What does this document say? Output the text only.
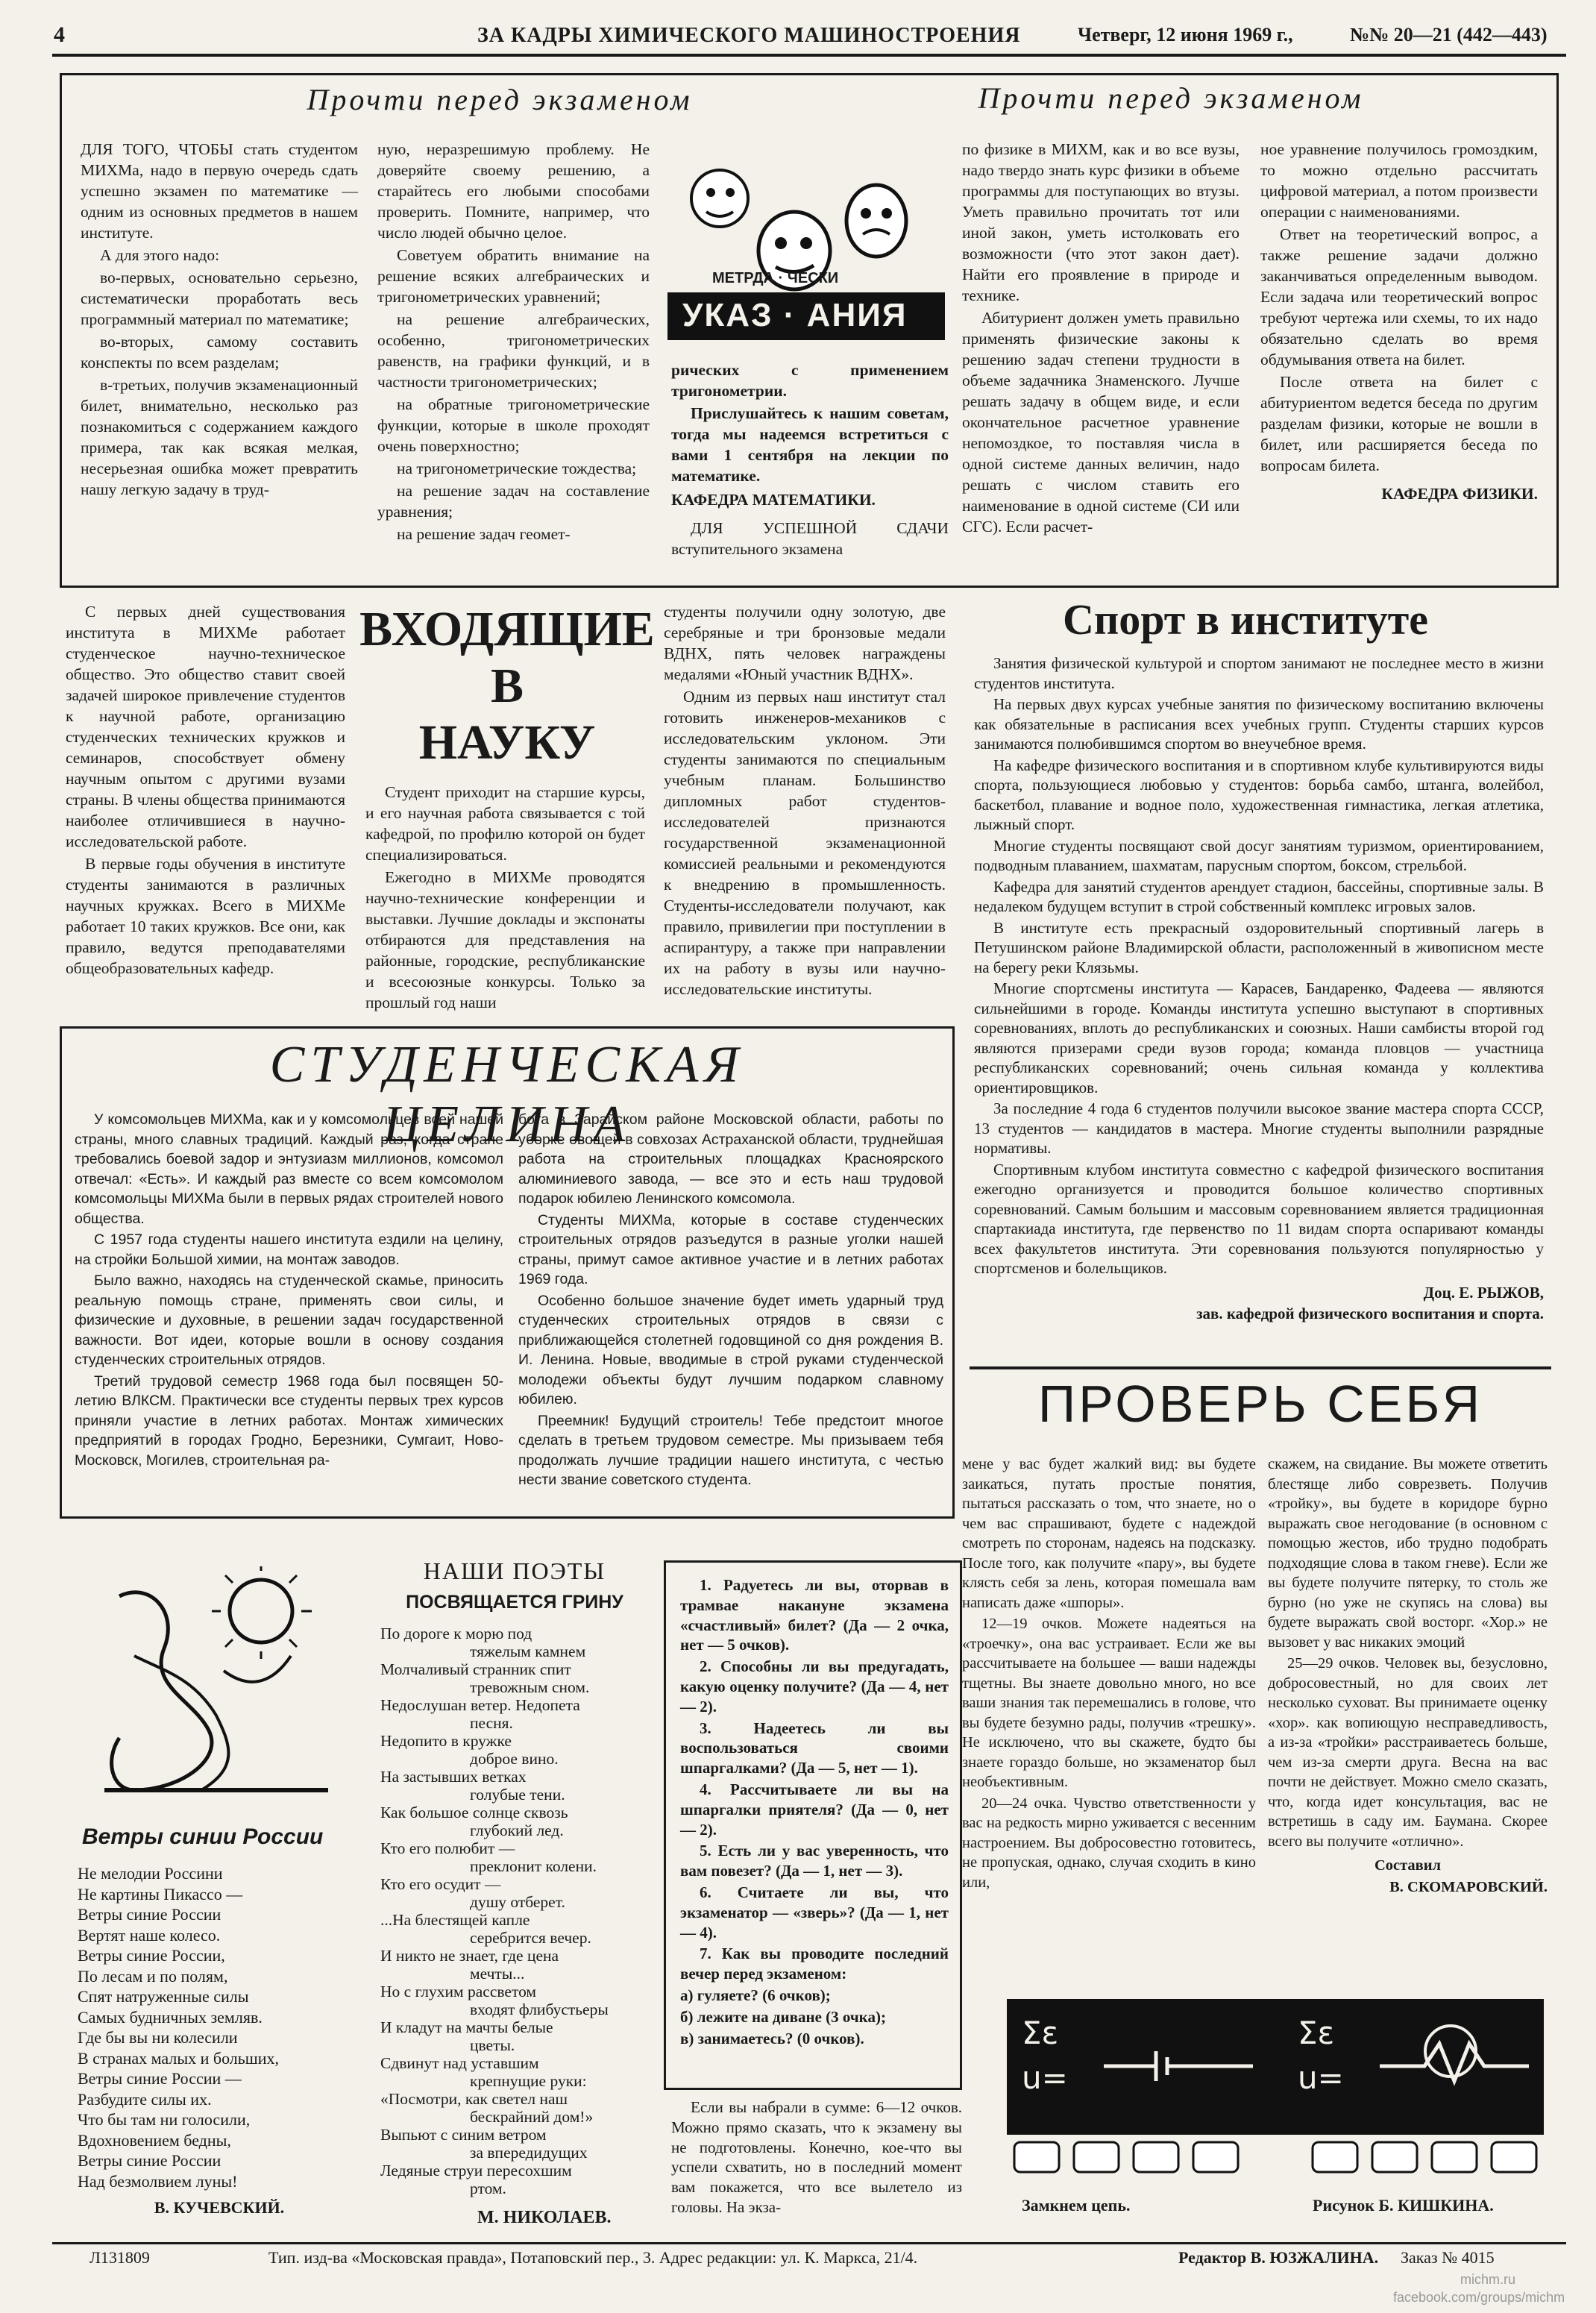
4	ЗА КАДРЫ ХИМИЧЕСКОГО МАШИНОСТРОЕНИЯ	Четверг, 12 июня 1969 г.,	№№ 20—21 (442—443)
Прочти перед экзаменом	Прочти перед экзаменом

ДЛЯ ТОГО, ЧТОБЫ стать студентом МИХМа, надо в первую очередь сдать успешно экзамен по математике — одним из основных предметов в нашем институте.

А для этого надо:

во-первых, основательно серьезно, систематически проработать весь программный материал по математике;

во-вторых, самому составить конспекты по всем разделам;

в-третьих, получив экзаменационный билет, внимательно, несколько раз познакомиться с содержанием каждого примера, так как всякая мелкая, несерьезная ошибка может превратить нашу легкую задачу в труд-

ную, неразрешимую проблему. Не доверяйте своему решению, а старайтесь его любыми способами проверить. Помните, например, что число людей обычно целое.

Советуем обратить внимание на решение всяких алгебраических и тригонометрических уравнений;

на решение алгебраических, особенно, тригонометрических равенств, на графики функций, и в частности тригонометрических;

на обратные тригонометрические функции, которые в школе проходят очень поверхностно;

на тригонометрические тождества;

на решение задач на составление уравнения;

на решение задач геомет-

МЕТРДА · ЧЕСКИ
УКАЗ · АНИЯ

рических с применением тригонометрии.

Прислушайтесь к нашим советам, тогда мы надеемся встретиться с вами 1 сентября на лекции по математике.

КАФЕДРА МАТЕМАТИКИ.

ДЛЯ УСПЕШНОЙ СДАЧИ вступительного экзамена

по физике в МИХМ, как и во все вузы, надо твердо знать курс физики в объеме программы для поступающих во втузы. Уметь правильно прочитать тот или иной закон, уметь истолковать его возможности (что этот закон дает). Найти его проявление в природе и технике.

Абитуриент должен уметь правильно применять физические законы к решению задач степени трудности в объеме задачника Знаменского. Лучше решать задачу в общем виде, и если окончательное расчетное уравнение непомоздкое, то поставляя числа в одной системе данных величин, надо решать с числом ставить его наименование в одной системе (СИ или СГС). Если расчет-

ное уравнение получилось громоздким, то можно отдельно рассчитать цифровой материал, а потом произвести операции с наименованиями.

Ответ на теоретический вопрос, а также решение задачи должно заканчиваться определенным выводом. Если задача или теоретический вопрос требуют чертежа или схемы, то их надо обязательно сделать во время обдумывания ответа на билет.

После ответа на билет с абитуриентом ведется беседа по другим разделам физики, которые не вошли в билет, или расширяется беседа по вопросам билета.

КАФЕДРА ФИЗИКИ.

С первых дней существования института в МИХМе работает студенческое научно-техническое общество. Это общество ставит своей задачей широкое привлечение студентов к научной работе, организацию студенческих технических кружков и семинаров, способствует обмену научным опытом с другими вузами страны. В члены общества принимаются наиболее отличившиеся в научно-исследовательской работе.

В первые годы обучения в институте студенты занимаются в различных научных кружках. Всего в МИХМе работает 10 таких кружков. Все они, как правило, ведутся преподавателями общеобразовательных кафедр.

ВХОДЯЩИЕ
В
НАУКУ

Студент приходит на старшие курсы, и его научная работа связывается с той кафедрой, по профилю которой он будет специализироваться.

Ежегодно в МИХМе проводятся научно-технические конференции и выставки. Лучшие доклады и экспонаты отбираются для представления на районные, городские, республиканские и всесоюзные конкурсы. Только за прошлый год наши

студенты получили одну золотую, две серебряные и три бронзовые медали ВДНХ, пять человек награждены медалями «Юный участник ВДНХ».

Одним из первых наш институт стал готовить инженеров-механиков с исследовательским уклоном. Эти студенты занимаются по специальным учебным планам. Большинство дипломных работ студентов-исследователей признаются государственной экзаменационной комиссией реальными и рекомендуются к внедрению в промышленность. Студенты-исследователи получают, как правило, привилегии при поступлении в аспирантуру, а также при направлении их на работу в вузы или научно-исследовательские институты.

Спорт в институте

Занятия физической культурой и спортом занимают не последнее место в жизни студентов института.

На первых двух курсах учебные занятия по физическому воспитанию включены как обязательные в расписания всех учебных групп. Студенты старших курсов занимаются полюбившимся спортом во внеучебное время.

На кафедре физического воспитания и в спортивном клубе культивируются виды спорта, пользующиеся любовью у студентов: борьба самбо, штанга, волейбол, баскетбол, плавание и водное поло, художественная гимнастика, легкая атлетика, лыжный спорт.

Многие студенты посвящают свой досуг занятиям туризмом, ориентированием, подводным плаванием, шахматам, парусным спортом, боксом, стрельбой.

Кафедра для занятий студентов арендует стадион, бассейны, спортивные залы. В недалеком будущем вступит в строй собственный комплекс игровых залов.

В институте есть прекрасный оздоровительный спортивный лагерь в Петушинском районе Владимирской области, расположенный в живописном месте на берегу реки Клязьмы.

Многие спортсмены института — Карасев, Бандаренко, Фадеева — являются сильнейшими в городе. Команды института успешно выступают в спортивных соревнованиях, вплоть до республиканских и союзных. Наши самбисты второй год являются призерами среди вузов города; команда пловцов — участница республиканских соревнований; очень сильная команда у коллектива ориентировщиков.

За последние 4 года 6 студентов получили высокое звание мастера спорта СССР, 13 студентов — кандидатов в мастера. Многие студенты выполнили разрядные нормативы.

Спортивным клубом института совместно с кафедрой физического воспитания ежегодно организуется и проводится большое количество спортивных соревнований. Самым большим и массовым соревнованием является традиционная спартакиада института, где первенство по 11 видам спорта оспаривают команды всех факультетов института. Эти соревнования пользуются популярностью у спортсменов и болельщиков.

Доц. Е. РЫЖОВ,

зав. кафедрой физического воспитания и спорта.

СТУДЕНЧЕСКАЯ ЦЕЛИНА

У комсомольцев МИХМа, как и у комсомольцев всей нашей страны, много славных традиций. Каждый раз, когда стране требовались боевой задор и энтузиазм миллионов, комсомол отвечал: «Есть». И каждый раз вместе со всем комсомолом комсомольцы МИХМа были в первых рядах строителей нового общества.

С 1957 года студенты нашего института ездили на целину, на стройки Большой химии, на монтаж заводов.

Было важно, находясь на студенческой скамье, приносить реальную помощь стране, применять свои силы, и физические и духовные, в решении задач государственной важности. Вот идеи, которые вошли в основу создания студенческих строительных отрядов.

Третий трудовой семестр 1968 года был посвящен 50-летию ВЛКСМ. Практически все студенты первых трех курсов приняли участие в летних работах. Монтаж химических предприятий в городах Гродно, Березники, Сумгаит, Ново-Московск, Могилев, строительная ра-

бота в Зарайском районе Московской области, работы по уборке овощей в совхозах Астраханской области, труднейшая работа на строительных площадках Красноярского алюминиевого завода, — все это и есть наш трудовой подарок юбилею Ленинского комсомола.

Студенты МИХМа, которые в составе студенческих строительных отрядов разъедутся в разные уголки нашей страны, примут самое активное участие и в летних работах 1969 года.

Особенно большое значение будет иметь ударный труд студенческих строительных отрядов в связи с приближающейся столетней годовщиной со дня рождения В. И. Ленина. Новые, вводимые в строй руками студенческой молодежи объекты будут лучшим подарком славному юбилею.

Преемник! Будущий строитель! Тебе предстоит многое сделать в третьем трудовом семестре. Мы призываем тебя продолжать лучшие традиции нашего института, с честью нести звание советского студента.

ПРОВЕРЬ СЕБЯ

мене у вас будет жалкий вид: вы будете заикаться, путать простые понятия, пытаться рассказать о том, что знаете, но о чем вас спрашивают, будете с надеждой смотреть по сторонам, надеясь на подсказку. После того, как получите «пару», вы будете клясть себя за лень, которая помешала вам написать даже «шпоры».

12—19 очков. Можете надеяться на «троечку», она вас устраивает. Если же вы рассчитываете на большее — ваши надежды тщетны. Вы знаете довольно много, но все ваши знания так перемешались в голове, что вы будете безумно рады, получив «трешку». Не исключено, что вы скажете, будто бы знаете гораздо больше, но экзаменатор был необъективным.

20—24 очка. Чувство ответственности у вас на редкость мирно уживается с весенним настроением. Вы добросовестно готовитесь, не пропуская, однако, случая сходить в кино или,

скажем, на свидание. Вы можете ответить блестяще либо соврезветь. Получив «тройку», вы будете в коридоре бурно выражать свое негодование (в основном с помощью жестов, ибо трудно подобрать подходящие слова в таком гневе). Если же вы будете получите пятерку, то столь же бурно (но уже не скупясь на слова) вы будете выражать свой восторг. «Хор.» не вызовет у вас никаких эмоций

25—29 очков. Человек вы, безусловно, добросовестный, но для своих лет несколько суховат. Вы принимаете оценку «хор». как вопиющую несправедливость, а из-за «тройки» расстраиваетесь больше, чем из-за смерти друга. Весна на вас почти не действует. Можно смело сказать, что, когда идет консультация, вас не встретишь в саду им. Баумана. Скорее всего вы получите «отлично».

Составил

В. СКОМАРОВСКИЙ.

Σε
u=
Σε
u=
Замкнем цепь.	Рисунок Б. КИШКИНА.

1. Радуетесь ли вы, оторвав в трамвае накануне экзамена «счастливый» билет? (Да — 2 очка, нет — 5 очков).

2. Способны ли вы предугадать, какую оценку получите? (Да — 4, нет — 2).

3. Надеетесь ли вы воспользоваться своими шпаргалками? (Да — 5, нет — 1).

4. Рассчитываете ли вы на шпаргалки приятеля? (Да — 0, нет — 2).

5. Есть ли у вас уверенность, что вам повезет? (Да — 1, нет — 3).

6. Считаете ли вы, что экзаменатор — «зверь»? (Да — 1, нет — 4).

7. Как вы проводите последний вечер перед экзаменом:

а) гуляете? (6 очков);

б) лежите на диване (3 очка);

в) занимаетесь? (0 очков).

Если вы набрали в сумме: 6—12 очков. Можно прямо сказать, что к экзамену вы не подготовлены. Конечно, кое-что вы успели схватить, но в последний момент вам покажется, что все вылетело из головы. На экза-

Ветры синии России

Не мелодии Россини

Не картины Пикассо —

Ветры синие России

Вертят наше колесо.

Ветры синие России,

По лесам и по полям,

Спят натруженные силы

Самых будничных земляв.

Где бы вы ни колесили

В странах малых и больших,

Ветры синие России —

Разбудите силы их.

Что бы там ни голосили,

Вдохновением бедны,

Ветры синие России

Над безмолвием луны!

В. КУЧЕВСКИЙ.

НАШИ ПОЭТЫ
ПОСВЯЩАЕТСЯ ГРИНУ
По дороге к морю под
тяжелым камнем
Молчаливый странник спит
тревожным сном.
Недослушан ветер. Недопета
песня.
Недопито в кружке
доброе вино.
На застывших ветках
голубые тени.
Как большое солнце сквозь
глубокий лед.
Кто его полюбит —
преклонит колени.
Кто его осудит —
душу отберет.
...На блестящей капле
серебрится вечер.
И никто не знает, где цена
мечты...
Но с глухим рассветом
входят флибустьеры
И кладут на мачты белые
цветы.
Сдвинут над уставшим
крепнущие руки:
«Посмотри, как светел наш
бескрайний дом!»
Выпьют с синим ветром
за впередидущих
Ледяные струи пересохшим
ртом.
М. НИКОЛАЕВ.
Л131809	Тип. изд-ва «Московская правда», Потаповский пер., 3. Адрес редакции: ул. К. Маркса, 21/4.	Редактор В. ЮЗЖАЛИНА. Заказ № 4015
michm.ru
facebook.com/groups/michm
